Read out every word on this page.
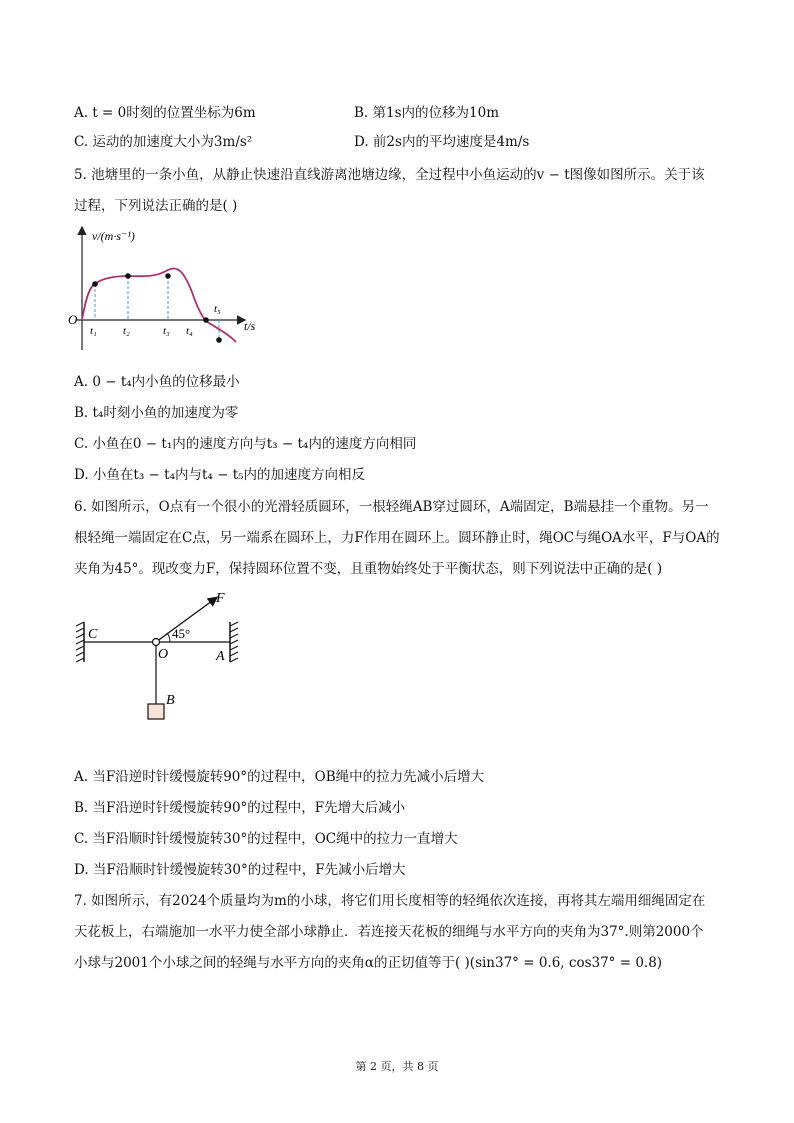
A. t = 0时刻的位置坐标为6m	B. 第1s内的位移为10m
C. 运动的加速度大小为3m/s²	D. 前2s内的平均速度是4m/s
5. 池塘里的一条小鱼，从静止快速沿直线游离池塘边缘，全过程中小鱼运动的v − t图像如图所示。关于该
过程，下列说法正确的是( )
v/(m·s⁻¹)
t/s
O
t₁ t₂	t₃ t₄
t₅
A. 0 − t₄内小鱼的位移最小
B. t₄时刻小鱼的加速度为零
C. 小鱼在0 − t₁内的速度方向与t₃ − t₄内的速度方向相同
D. 小鱼在t₃ − t₄内与t₄ − t₅内的加速度方向相反
6. 如图所示，O点有一个很小的光滑轻质圆环，一根轻绳AB穿过圆环，A端固定，B端悬挂一个重物。另一
根轻绳一端固定在C点，另一端系在圆环上，力F作用在圆环上。圆环静止时，绳OC与绳OA水平，F与OA的
夹角为45°。现改变力F，保持圆环位置不变，且重物始终处于平衡状态，则下列说法中正确的是( )
F
C
O	A
B
45°
A. 当F沿逆时针缓慢旋转90°的过程中，OB绳中的拉力先减小后增大
B. 当F沿逆时针缓慢旋转90°的过程中，F先增大后减小
C. 当F沿顺时针缓慢旋转30°的过程中，OC绳中的拉力一直增大
D. 当F沿顺时针缓慢旋转30°的过程中，F先减小后增大
7. 如图所示，有2024个质量均为m的小球，将它们用长度相等的轻绳依次连接，再将其左端用细绳固定在
天花板上，右端施加一水平力使全部小球静止．若连接天花板的细绳与水平方向的夹角为37°.则第2000个
小球与2001个小球之间的轻绳与水平方向的夹角α的正切值等于( )(sin37° = 0.6, cos37° = 0.8)
第 2 页，共 8 页
